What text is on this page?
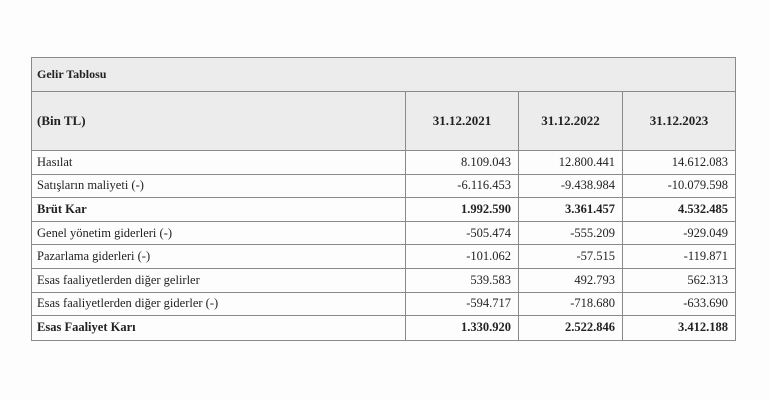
Gelir Tablosu
(Bin TL)	31.12.2021	31.12.2022	31.12.2023
Hasılat	8.109.043	12.800.441	14.612.083
Satışların maliyeti (-)	-6.116.453	-9.438.984	-10.079.598
Brüt Kar	1.992.590	3.361.457	4.532.485
Genel yönetim giderleri (-)	-505.474	-555.209	-929.049
Pazarlama giderleri (-)	-101.062	-57.515	-119.871
Esas faaliyetlerden diğer gelirler	539.583	492.793	562.313
Esas faaliyetlerden diğer giderler (-)	-594.717	-718.680	-633.690
Esas Faaliyet Karı	1.330.920	2.522.846	3.412.188
